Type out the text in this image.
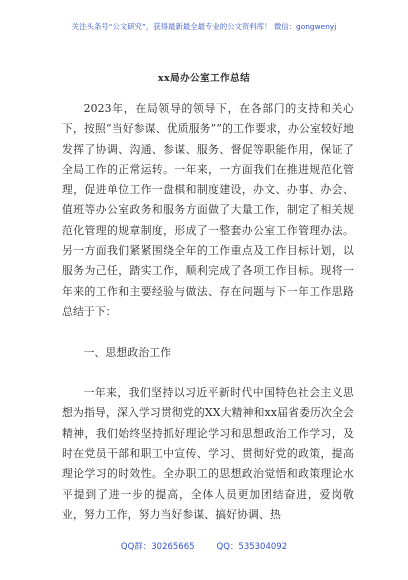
关注头条号“公文研究”，获得最新最全最专业的公文资料库！ 微信：gongwenyj
xx局办公室工作总结

2023年，在局领导的领导下，在各部门的支持和关心下，按照“当好参谋、优质服务””的工作要求，办公室较好地发挥了协调、沟通、参谋、服务、督促等职能作用，保证了全局工作的正常运转。一年来，一方面我们在推进规范化管理，促进单位工作一盘棋和制度建设，办文、办事、办会、值班等办公室政务和服务方面做了大量工作，制定了相关规范化管理的规章制度，形成了一整套办公室工作管理办法。另一方面我们紧紧围绕全年的工作重点及工作目标计划，以服务为己任，踏实工作，顺利完成了各项工作目标。现将一年来的工作和主要经验与做法、存在问题与下一年工作思路总结于下：

一、思想政治工作

一年来，我们坚持以习近平新时代中国特色社会主义思想为指导，深入学习贯彻党的XX大精神和xx届省委历次全会精神，我们始终坚持抓好理论学习和思想政治工作学习，及时在党员干部和职工中宣传、学习、贯彻好党的政策，提高理论学习的时效性。全办职工的思想政治觉悟和政策理论水平提到了进一步的提高，全体人员更加团结奋进，爱岗敬业，努力工作，努力当好参谋、搞好协调、热

QQ群：30265665	QQ：535304092
